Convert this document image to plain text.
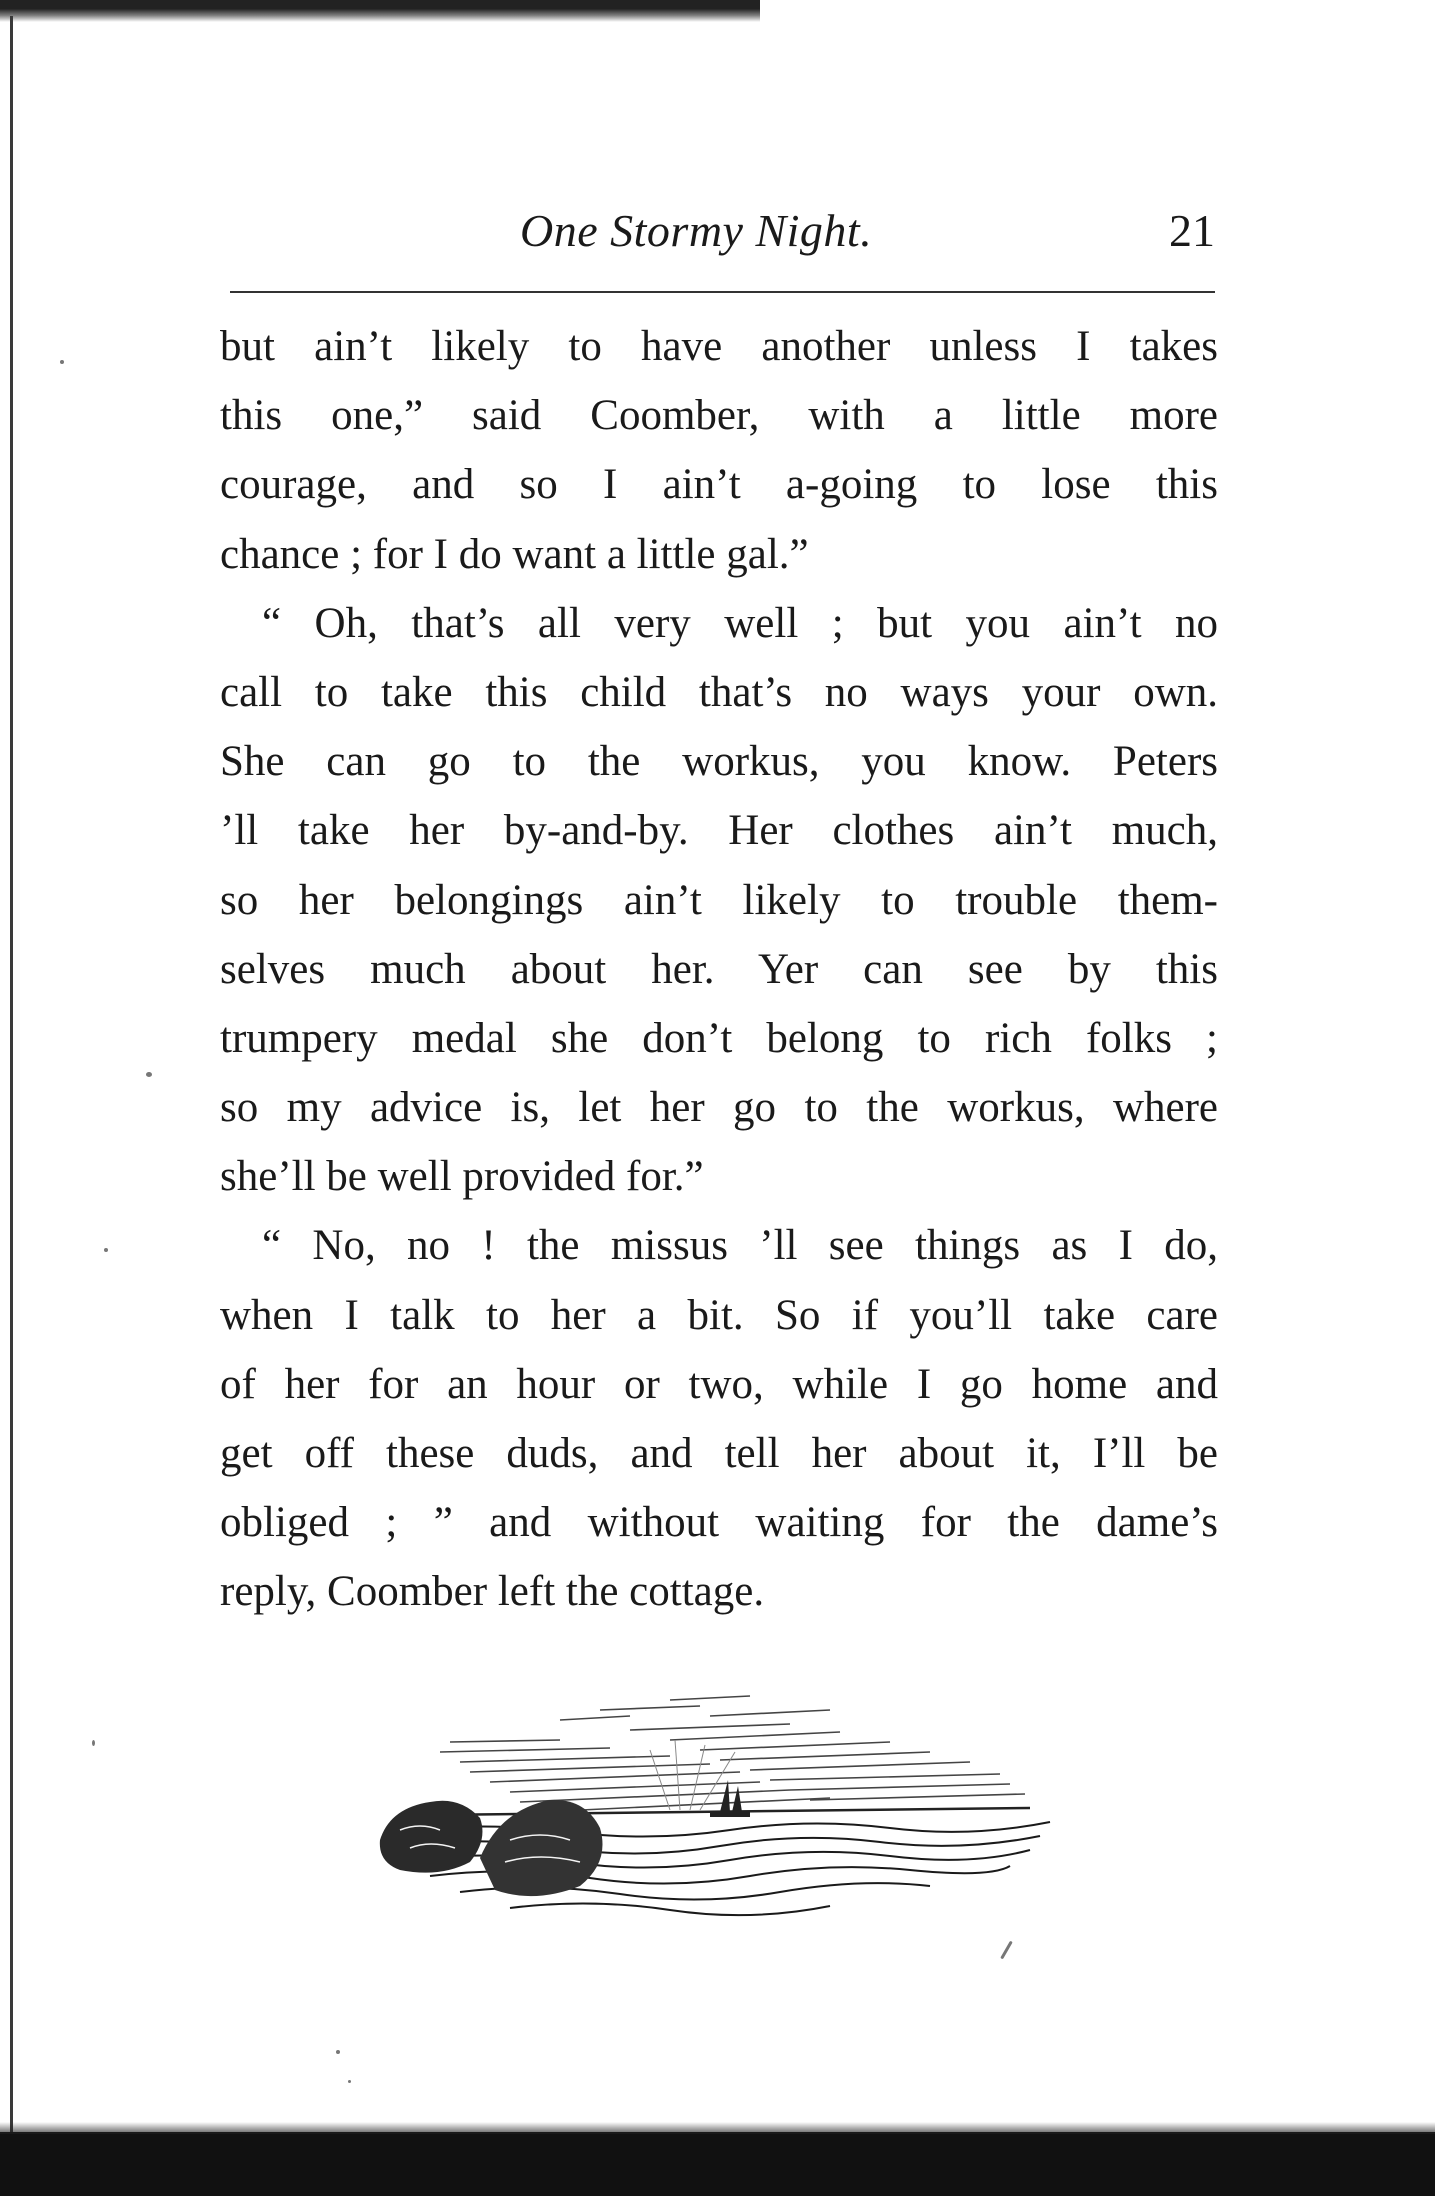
One Stormy Night.	21

but ain’t likely to have another unless I takes
this one,” said Coomber, with a little more
courage, and so I ain’t a-going to lose this
chance ; for I do want a little gal.”

“ Oh, that’s all very well ; but you ain’t no
call to take this child that’s no ways your own.
She can go to the workus, you know. Peters
’ll take her by-and-by. Her clothes ain’t much,
so her belongings ain’t likely to trouble them-
selves much about her. Yer can see by this
trumpery medal she don’t belong to rich folks ;
so my advice is, let her go to the workus, where
she’ll be well provided for.”

“ No, no ! the missus ’ll see things as I do,
when I talk to her a bit. So if you’ll take care
of her for an hour or two, while I go home and
get off these duds, and tell her about it, I’ll be
obliged ; ” and without waiting for the dame’s
reply, Coomber left the cottage.
